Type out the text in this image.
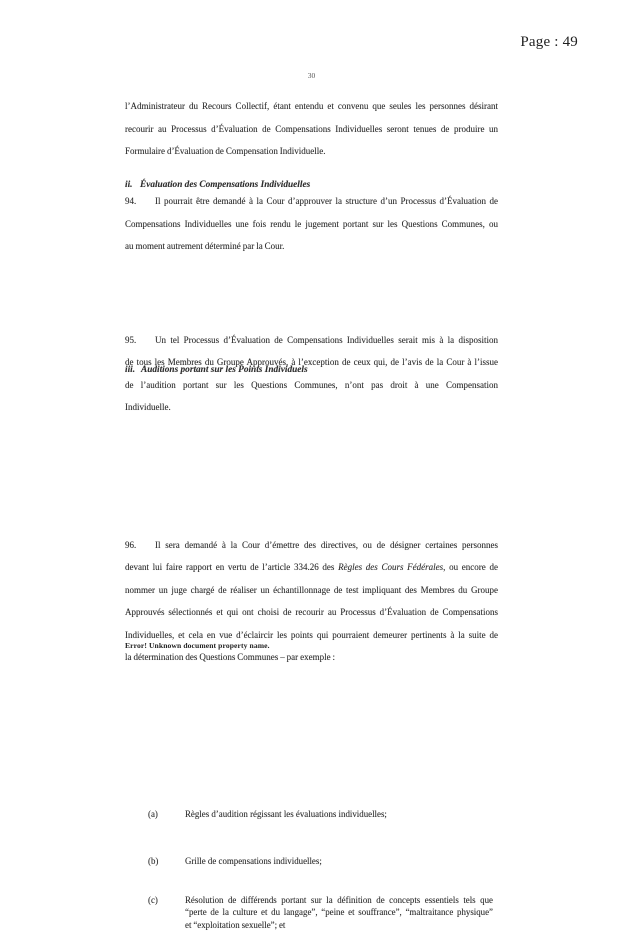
Page : 49
30
l’Administrateur du Recours Collectif, étant entendu et convenu que seules les personnes désirant
recourir au Processus d’Évaluation de Compensations Individuelles seront tenues de produire un
Formulaire d’Évaluation de Compensation Individuelle.
ii. Évaluation des Compensations Individuelles
94.	Il pourrait être demandé à la Cour d’approuver la structure d’un Processus d’Évaluation de
Compensations Individuelles une fois rendu le jugement portant sur les Questions Communes, ou
au moment autrement déterminé par la Cour.
95.	Un tel Processus d’Évaluation de Compensations Individuelles serait mis à la disposition
de tous les Membres du Groupe Approuvés, à l’exception de ceux qui, de l’avis de la Cour à l’issue
de l’audition portant sur les Questions Communes, n’ont pas droit à une Compensation
Individuelle.
iii. Auditions portant sur les Points Individuels
96.	Il sera demandé à la Cour d’émettre des directives, ou de désigner certaines personnes
devant lui faire rapport en vertu de l’article 334.26 des Règles des Cours Fédérales, ou encore de
nommer un juge chargé de réaliser un échantillonnage de test impliquant des Membres du Groupe
Approuvés sélectionnés et qui ont choisi de recourir au Processus d’Évaluation de Compensations
Individuelles, et cela en vue d’éclaircir les points qui pourraient demeurer pertinents à la suite de
la détermination des Questions Communes – par exemple :
(a)	Règles d’audition régissant les évaluations individuelles;
(b)	Grille de compensations individuelles;
(c)	Résolution de différends portant sur la définition de concepts essentiels tels que
“perte de la culture et du langage”, “peine et souffrance”, “maltraitance physique”
et “exploitation sexuelle”; et
Error! Unknown document property name.
